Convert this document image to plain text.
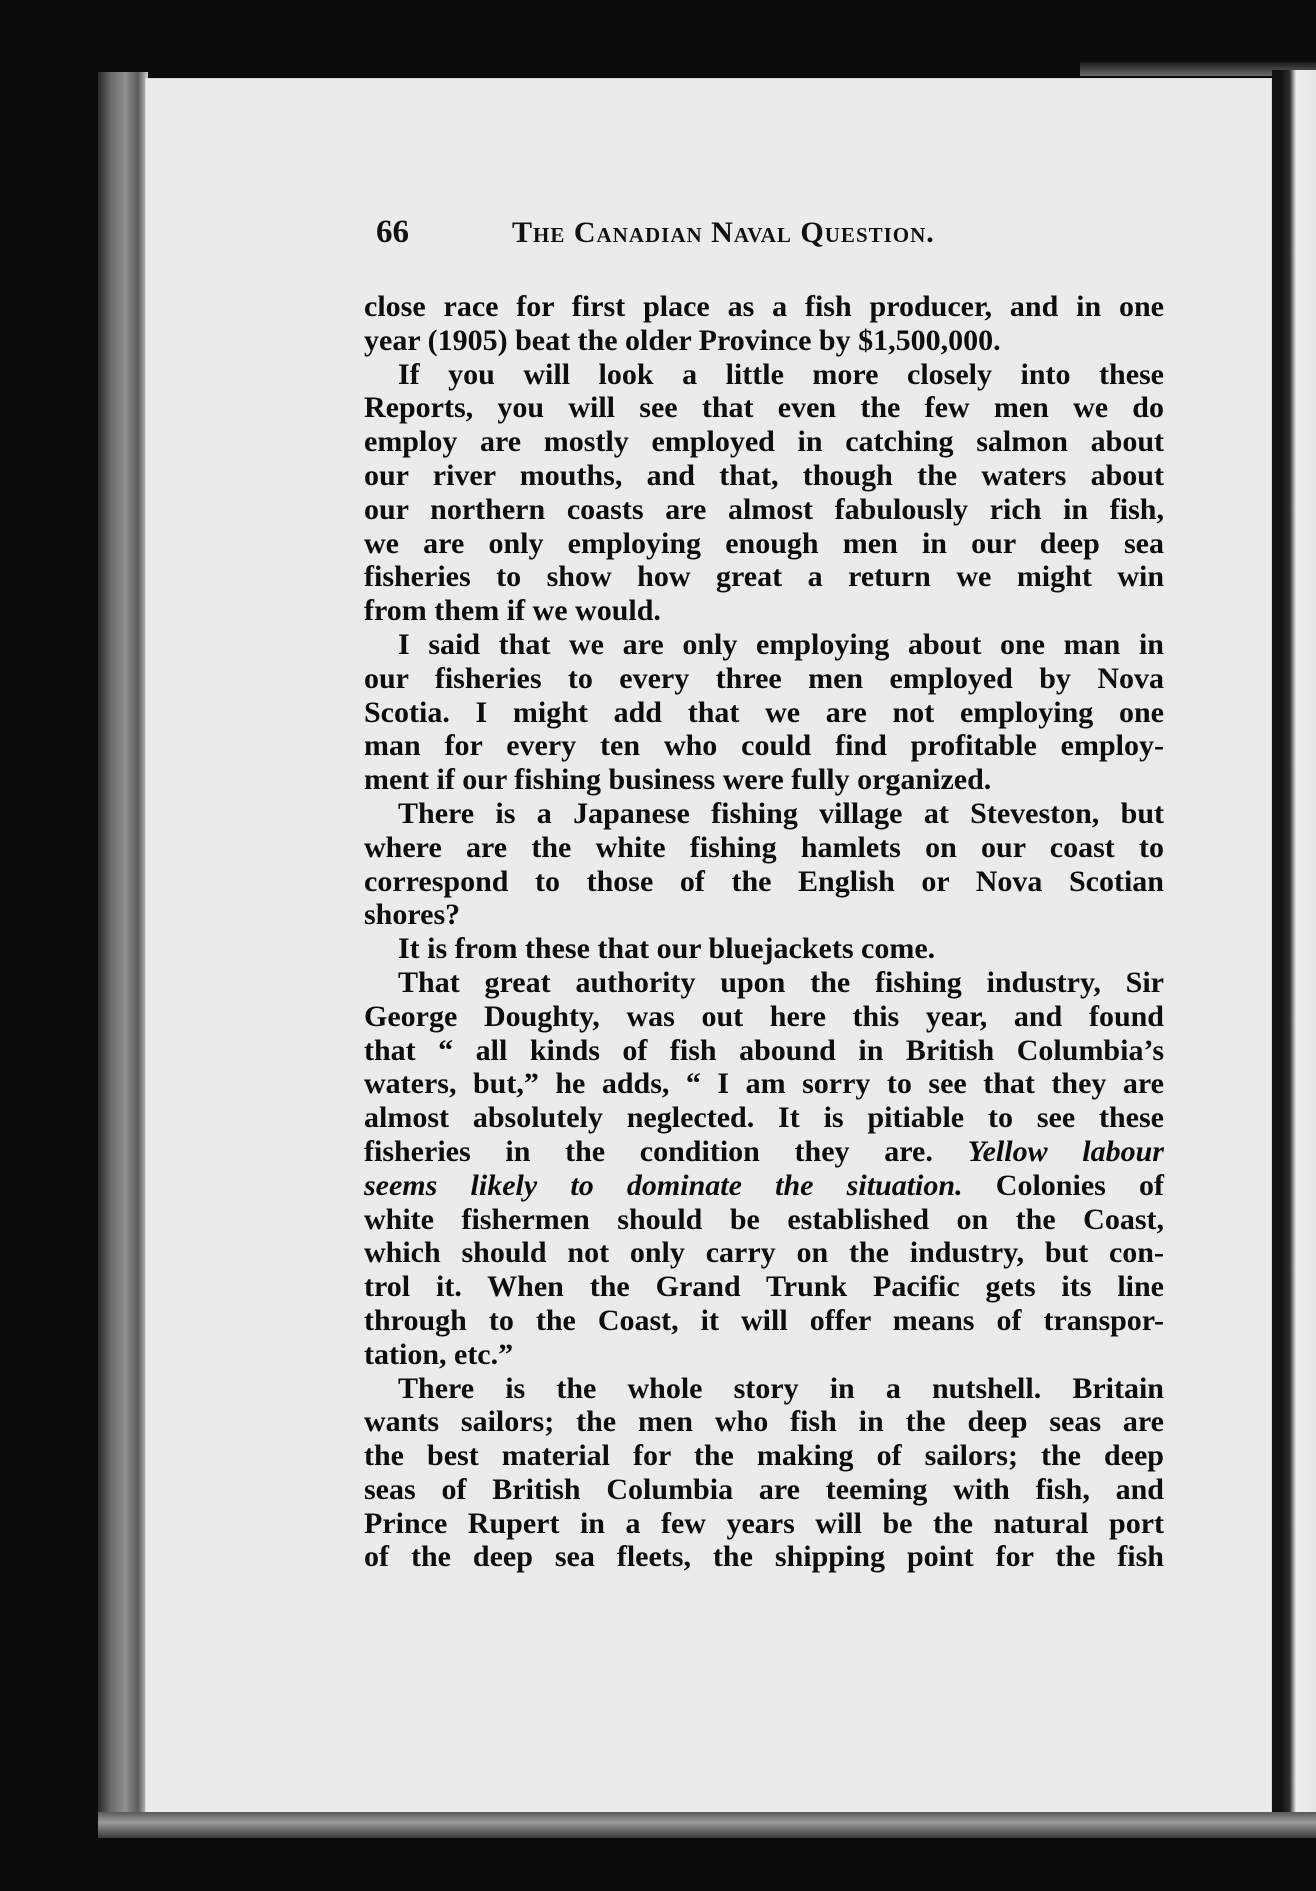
66	The Canadian Naval Question.
close race for first place as a fish producer, and in one
year (1905) beat the older Province by $1,500,000.
If you will look a little more closely into these
Reports, you will see that even the few men we do
employ are mostly employed in catching salmon about
our river mouths, and that, though the waters about
our northern coasts are almost fabulously rich in fish,
we are only employing enough men in our deep sea
fisheries to show how great a return we might win
from them if we would.
I said that we are only employing about one man in
our fisheries to every three men employed by Nova
Scotia. I might add that we are not employing one
man for every ten who could find profitable employ-
ment if our fishing business were fully organized.
There is a Japanese fishing village at Steveston, but
where are the white fishing hamlets on our coast to
correspond to those of the English or Nova Scotian
shores?
It is from these that our bluejackets come.
That great authority upon the fishing industry, Sir
George Doughty, was out here this year, and found
that “ all kinds of fish abound in British Columbia’s
waters, but,” he adds, “ I am sorry to see that they are
almost absolutely neglected. It is pitiable to see these
fisheries in the condition they are. Yellow labour
seems likely to dominate the situation. Colonies of
white fishermen should be established on the Coast,
which should not only carry on the industry, but con-
trol it. When the Grand Trunk Pacific gets its line
through to the Coast, it will offer means of transpor-
tation, etc.”
There is the whole story in a nutshell. Britain
wants sailors; the men who fish in the deep seas are
the best material for the making of sailors; the deep
seas of British Columbia are teeming with fish, and
Prince Rupert in a few years will be the natural port
of the deep sea fleets, the shipping point for the fish
